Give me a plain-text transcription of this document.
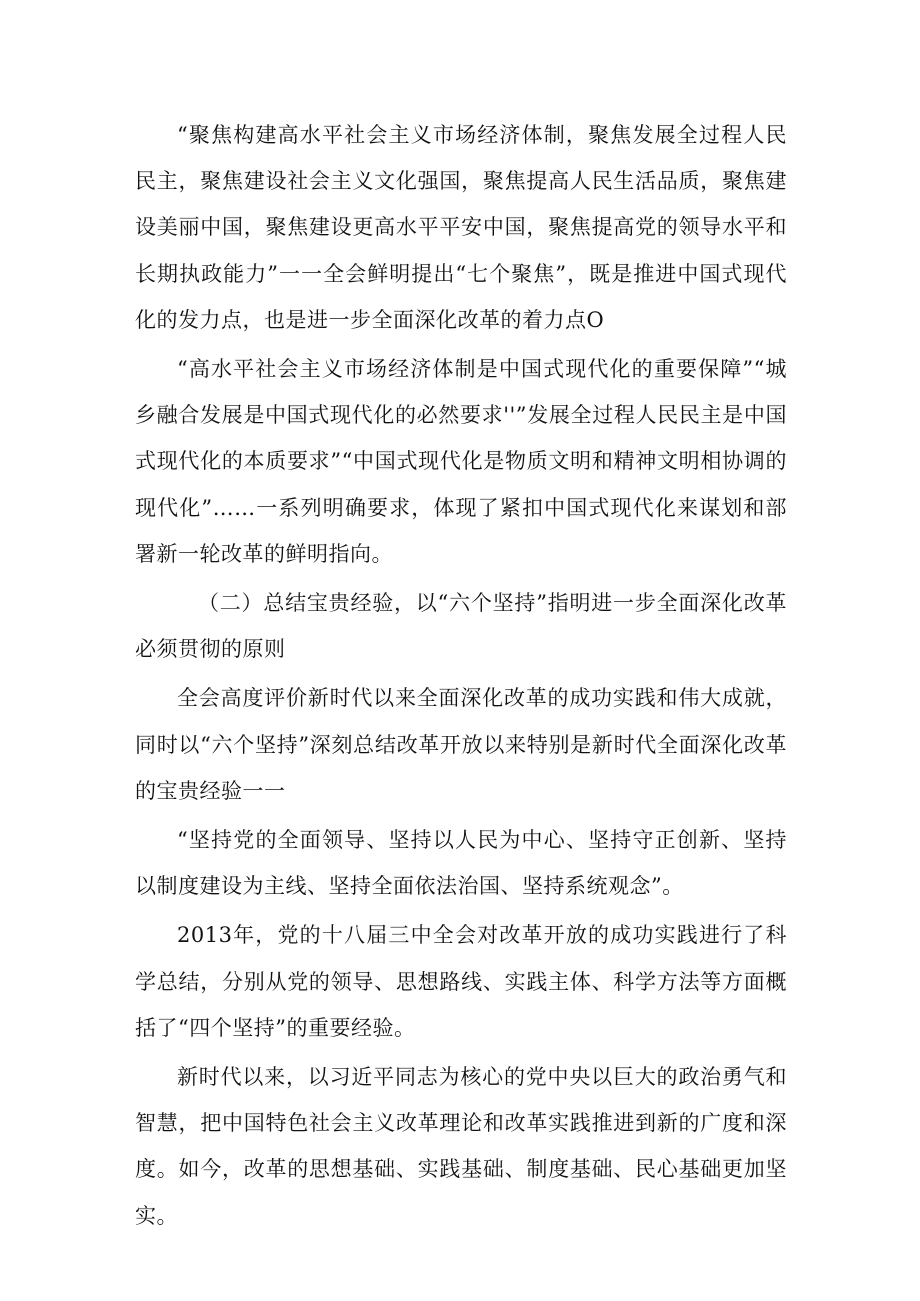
“聚焦构建高水平社会主义市场经济体制，聚焦发展全过程人民民主，聚焦建设社会主义文化强国，聚焦提高人民生活品质，聚焦建设美丽中国，聚焦建设更高水平平安中国，聚焦提高党的领导水平和长期执政能力”一一全会鲜明提出“七个聚焦”，既是推进中国式现代化的发力点，也是进一步全面深化改革的着力点O

“高水平社会主义市场经济体制是中国式现代化的重要保障”“城乡融合发展是中国式现代化的必然要求''”发展全过程人民民主是中国式现代化的本质要求”“中国式现代化是物质文明和精神文明相协调的现代化”……一系列明确要求，体现了紧扣中国式现代化来谋划和部署新一轮改革的鲜明指向。

（二）总结宝贵经验，以“六个坚持”指明进一步全面深化改革必须贯彻的原则

全会高度评价新时代以来全面深化改革的成功实践和伟大成就，同时以“六个坚持”深刻总结改革开放以来特别是新时代全面深化改革的宝贵经验一一

“坚持党的全面领导、坚持以人民为中心、坚持守正创新、坚持以制度建设为主线、坚持全面依法治国、坚持系统观念”。

2013年，党的十八届三中全会对改革开放的成功实践进行了科学总结，分别从党的领导、思想路线、实践主体、科学方法等方面概括了“四个坚持”的重要经验。

新时代以来，以习近平同志为核心的党中央以巨大的政治勇气和智慧，把中国特色社会主义改革理论和改革实践推进到新的广度和深度。如今，改革的思想基础、实践基础、制度基础、民心基础更加坚实。
